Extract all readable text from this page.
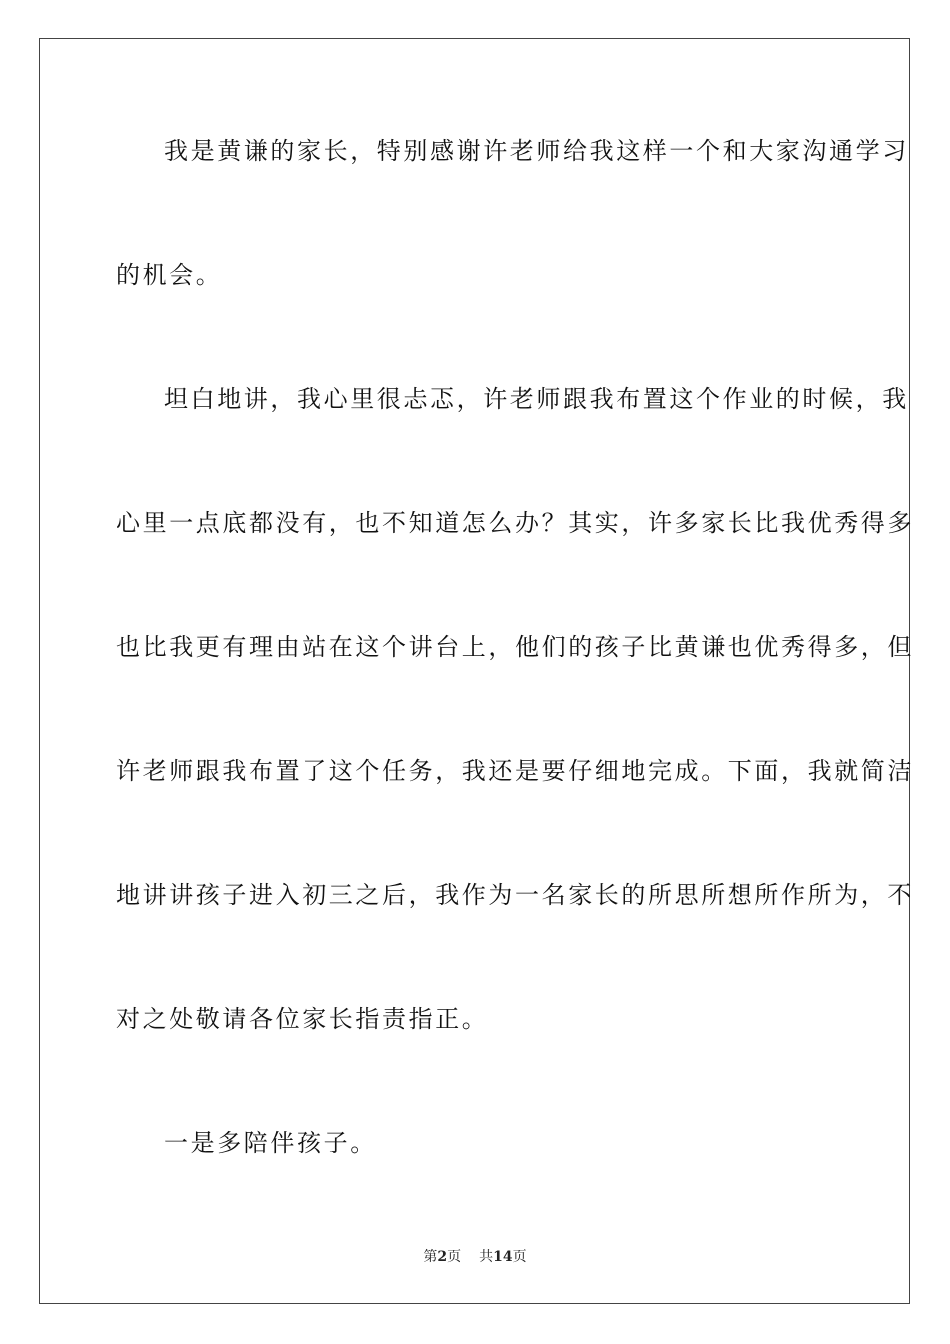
我是黄谦的家长，特别感谢许老师给我这样一个和大家沟通学习
的机会。
坦白地讲，我心里很忐忑，许老师跟我布置这个作业的时候，我
心里一点底都没有，也不知道怎么办？其实，许多家长比我优秀得多
也比我更有理由站在这个讲台上，他们的孩子比黄谦也优秀得多，但
许老师跟我布置了这个任务，我还是要仔细地完成。下面，我就简洁
地讲讲孩子进入初三之后，我作为一名家长的所思所想所作所为，不
对之处敬请各位家长指责指正。
一是多陪伴孩子。
第2页 共14页
